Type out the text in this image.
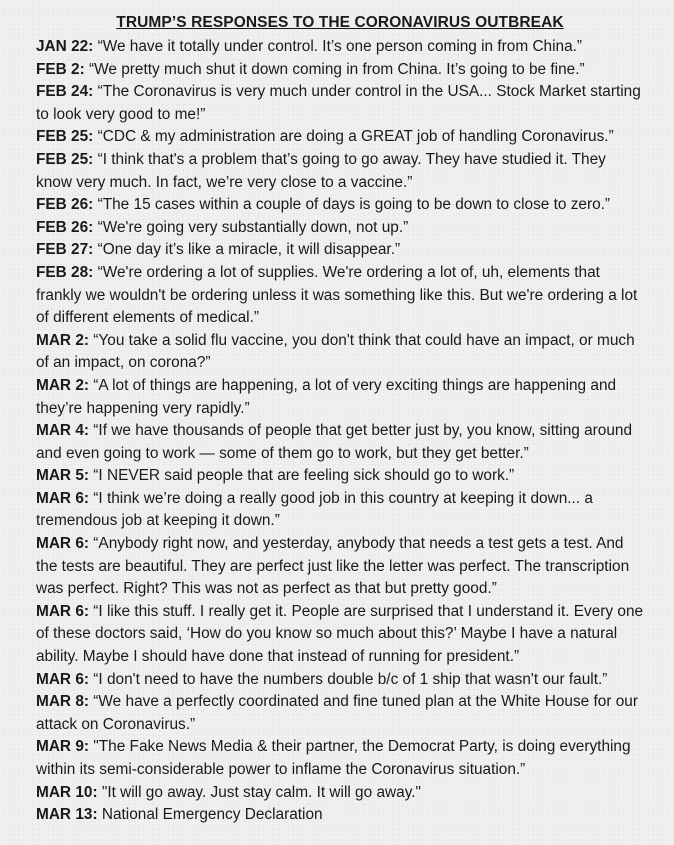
TRUMP’S RESPONSES TO THE CORONAVIRUS OUTBREAK

JAN 22: “We have it totally under control. It’s one person coming in from China.”

FEB 2: “We pretty much shut it down coming in from China. It’s going to be fine.”

FEB 24: “The Coronavirus is very much under control in the USA... Stock Market starting to look very good to me!”

FEB 25: “CDC & my administration are doing a GREAT job of handling Coronavirus.”

FEB 25: “I think that's a problem that’s going to go away. They have studied it. They know very much. In fact, we’re very close to a vaccine.”

FEB 26: “The 15 cases within a couple of days is going to be down to close to zero.”

FEB 26: “We're going very substantially down, not up.”

FEB 27: “One day it’s like a miracle, it will disappear.”

FEB 28: “We're ordering a lot of supplies. We're ordering a lot of, uh, elements that frankly we wouldn't be ordering unless it was something like this. But we're ordering a lot of different elements of medical.”

MAR 2: “You take a solid flu vaccine, you don't think that could have an impact, or much of an impact, on corona?”

MAR 2: “A lot of things are happening, a lot of very exciting things are happening and they’re happening very rapidly.”

MAR 4: “If we have thousands of people that get better just by, you know, sitting around and even going to work — some of them go to work, but they get better.”

MAR 5: “I NEVER said people that are feeling sick should go to work.”

MAR 6: “I think we’re doing a really good job in this country at keeping it down... a tremendous job at keeping it down.”

MAR 6: “Anybody right now, and yesterday, anybody that needs a test gets a test. And the tests are beautiful. They are perfect just like the letter was perfect. The transcription was perfect. Right? This was not as perfect as that but pretty good.”

MAR 6: “I like this stuff. I really get it. People are surprised that I understand it. Every one of these doctors said, ‘How do you know so much about this?’ Maybe I have a natural ability. Maybe I should have done that instead of running for president.”

MAR 6: “I don't need to have the numbers double b/c of 1 ship that wasn't our fault.”

MAR 8: “We have a perfectly coordinated and fine tuned plan at the White House for our attack on Coronavirus.”

MAR 9: "The Fake News Media & their partner, the Democrat Party, is doing everything within its semi-considerable power to inflame the Coronavirus situation.”

MAR 10: "It will go away. Just stay calm. It will go away."

MAR 13: National Emergency Declaration
